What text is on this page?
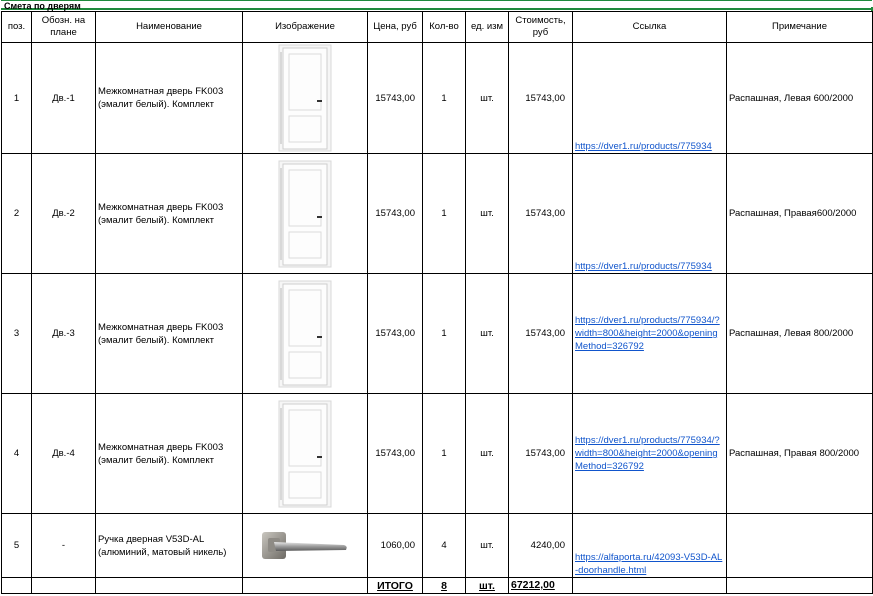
Смета по дверям
поз.	Обозн. на плане	Наименование	Изображение	Цена, руб	Кол-во	ед. изм	Стоимость, руб	Ссылка	Примечание
1	Дв.-1	Межкомнатная дверь FK003 (эмалит белый). Комплект		15743,00	1	шт.	15743,00	https://dver1.ru/products/775934	Распашная, Левая 600/2000
2	Дв.-2	Межкомнатная дверь FK003 (эмалит белый). Комплект		15743,00	1	шт.	15743,00	https://dver1.ru/products/775934	Распашная, Правая600/2000
3	Дв.-3	Межкомнатная дверь FK003 (эмалит белый). Комплект		15743,00	1	шт.	15743,00	https://dver1.ru/products/775934/?width=800&height=2000&openingMethod=326792	Распашная, Левая 800/2000
4	Дв.-4	Межкомнатная дверь FK003 (эмалит белый). Комплект		15743,00	1	шт.	15743,00	https://dver1.ru/products/775934/?width=800&height=2000&openingMethod=326792	Распашная, Правая 800/2000
5	-	Ручка дверная V53D-AL (алюминий, матовый никель)		1060,00	4	шт.	4240,00	https://alfaporta.ru/42093-V53D-AL-doorhandle.html	

				ИТОГО	8	шт.	67212,00		
